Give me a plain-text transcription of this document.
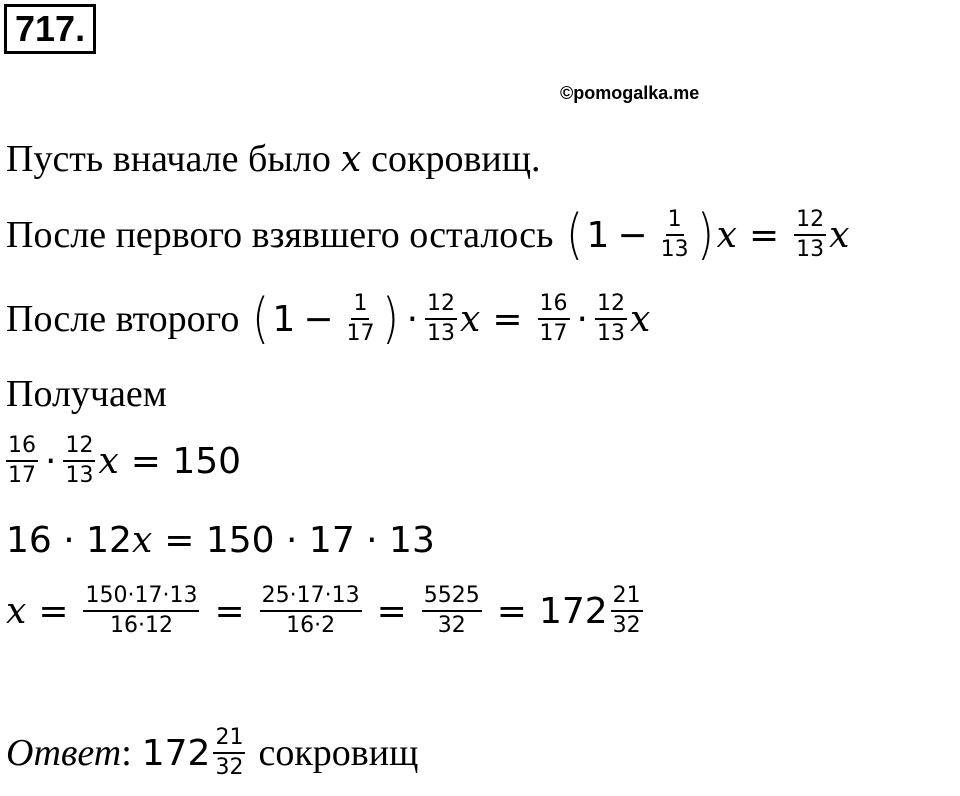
717.
©pomogalka.me
Пусть вначале было x сокровищ.
После первого взявшего осталось ( $1 - \frac{1}{13}$ ) $x = \frac{12}{13}$ x
После второго ( $1 - \frac{1}{17}$ ) · $\frac{12}{13}$ $x = \frac{16}{17} \cdot \frac{12}{13}$ x
Получаем
$\frac{16}{17} \cdot \frac{12}{13}$ x = 150
16 · 12 x = 150 · 17 · 13
$x = \frac{150\cdot 17\cdot 13}{16\cdot 12} = \frac{25\cdot 17\cdot 13}{16\cdot 2} = \frac{5525}{32} = 172 \frac{21}{32}$
Ответ : $172 \frac{21}{32}$ сокровищ
